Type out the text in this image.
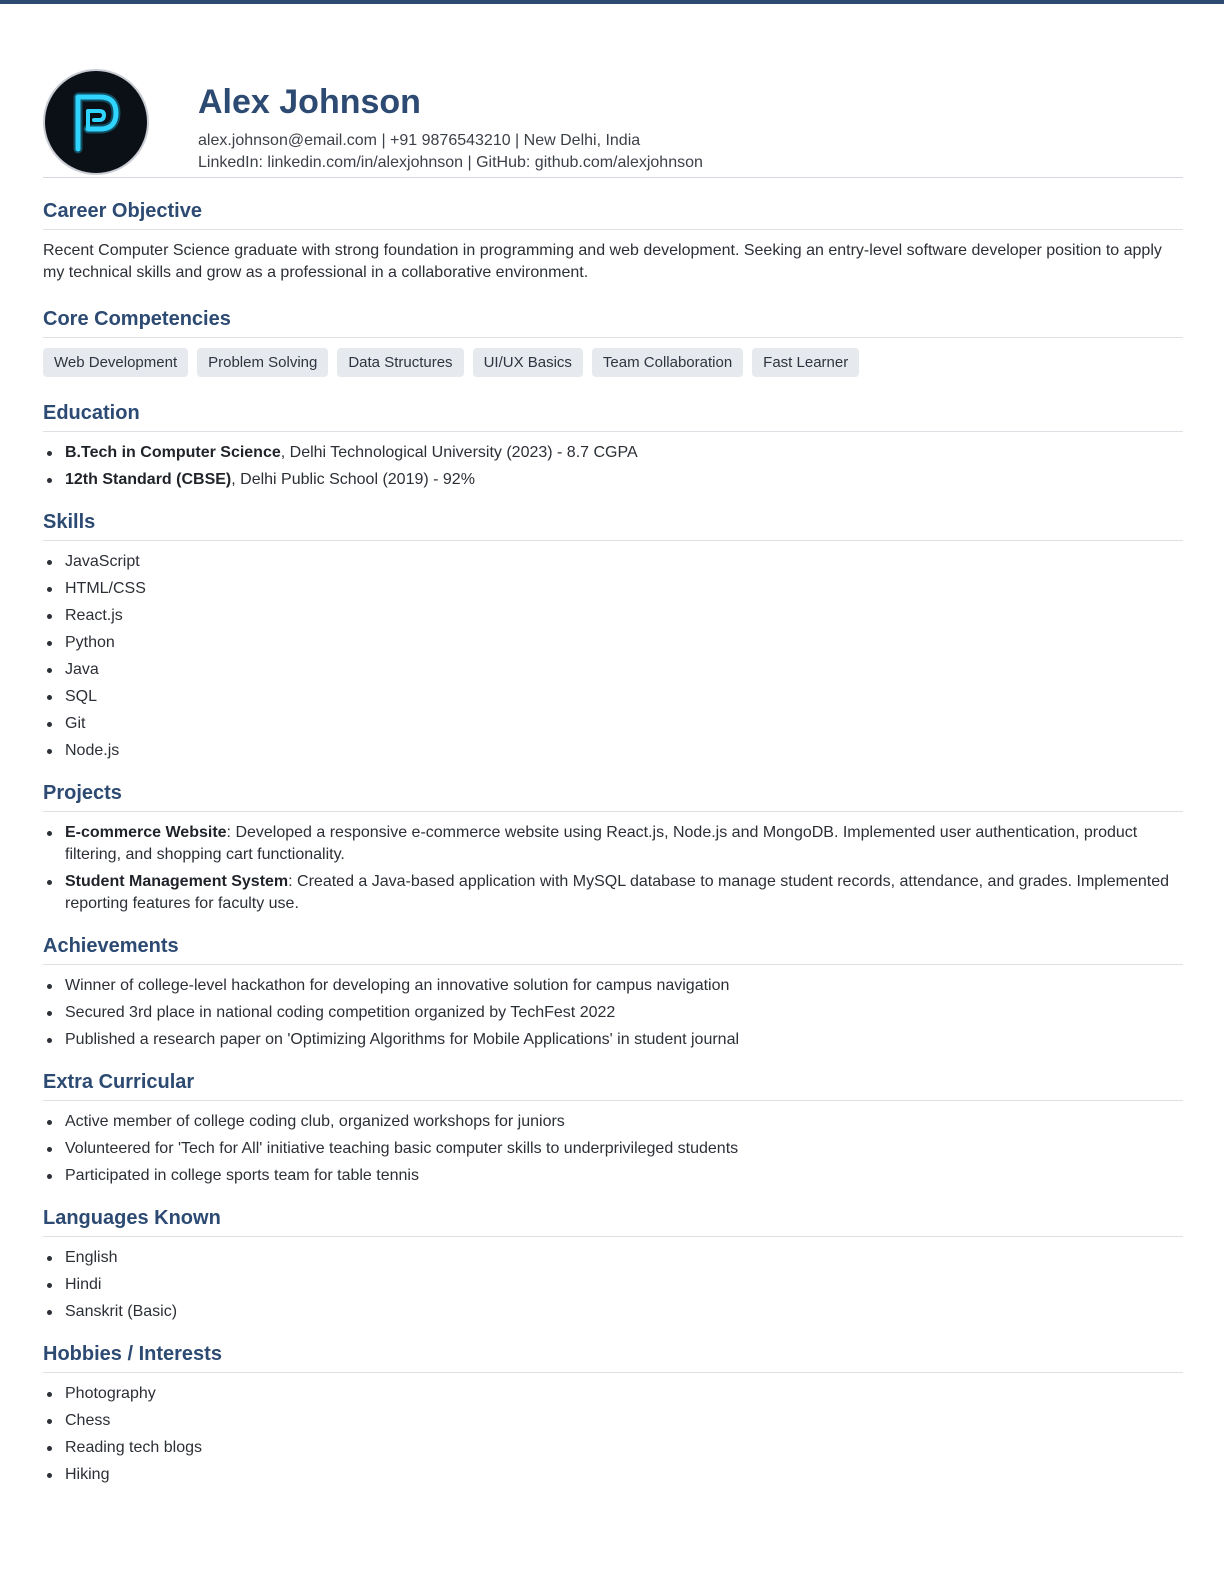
Alex Johnson
alex.johnson@email.com | +91 9876543210 | New Delhi, India
LinkedIn: linkedin.com/in/alexjohnson | GitHub: github.com/alexjohnson
Career Objective
Recent Computer Science graduate with strong foundation in programming and web development. Seeking an entry-level software developer position to apply my technical skills and grow as a professional in a collaborative environment.
Core Competencies
Web Development	Problem Solving	Data Structures	UI/UX Basics	Team Collaboration	Fast Learner
Education
B.Tech in Computer Science, Delhi Technological University (2023) - 8.7 CGPA
12th Standard (CBSE), Delhi Public School (2019) - 92%
Skills
JavaScript
HTML/CSS
React.js
Python
Java
SQL
Git
Node.js
Projects
E-commerce Website: Developed a responsive e-commerce website using React.js, Node.js and MongoDB. Implemented user authentication, product filtering, and shopping cart functionality.
Student Management System: Created a Java-based application with MySQL database to manage student records, attendance, and grades. Implemented reporting features for faculty use.
Achievements
Winner of college-level hackathon for developing an innovative solution for campus navigation
Secured 3rd place in national coding competition organized by TechFest 2022
Published a research paper on 'Optimizing Algorithms for Mobile Applications' in student journal
Extra Curricular
Active member of college coding club, organized workshops for juniors
Volunteered for 'Tech for All' initiative teaching basic computer skills to underprivileged students
Participated in college sports team for table tennis
Languages Known
English
Hindi
Sanskrit (Basic)
Hobbies / Interests
Photography
Chess
Reading tech blogs
Hiking
